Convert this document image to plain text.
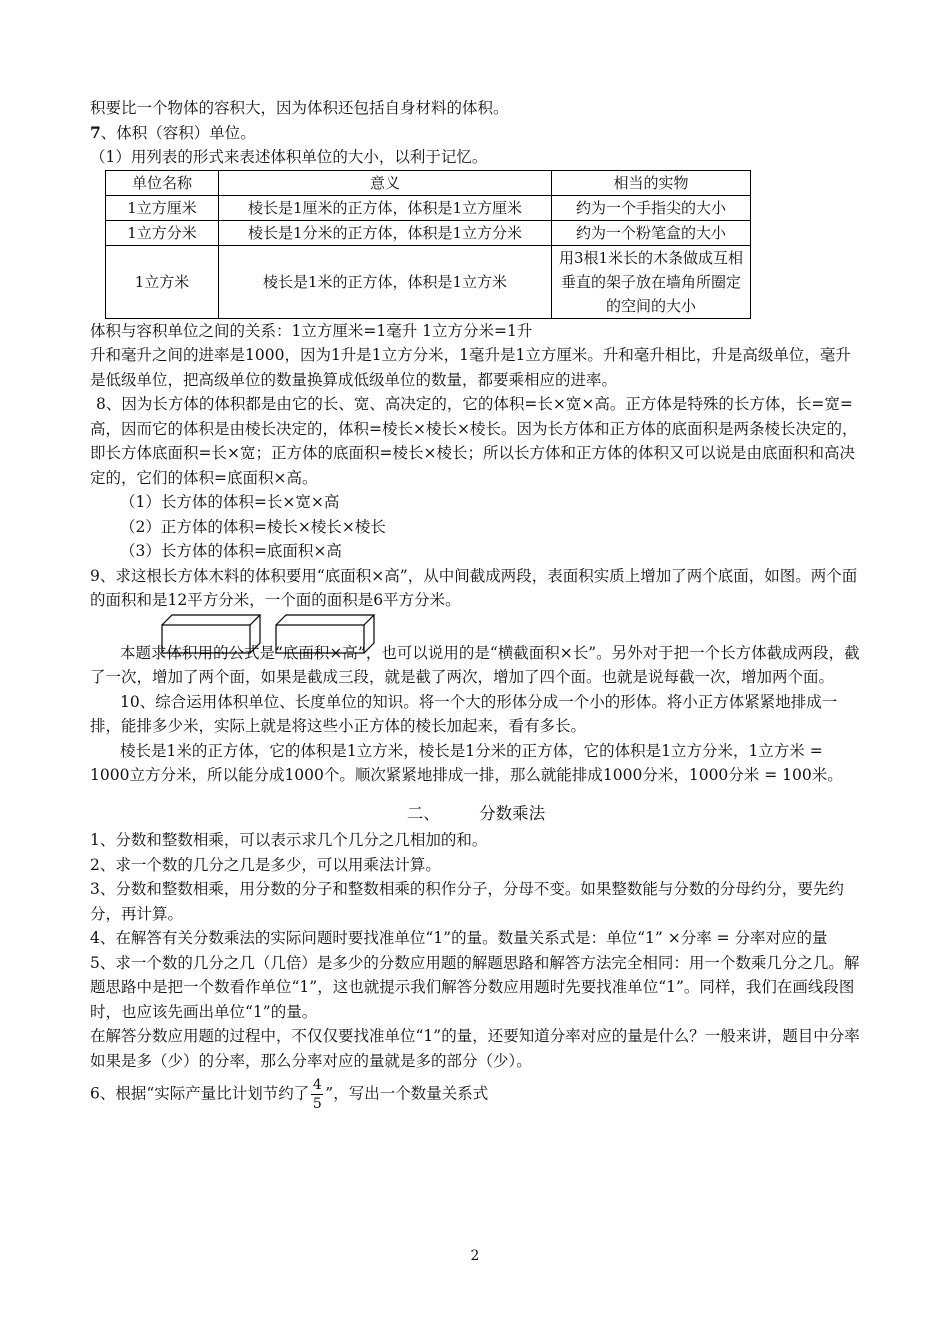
积要比一个物体的容积大，因为体积还包括自身材料的体积。

7、体积（容积）单位。

（1）用列表的形式来表述体积单位的大小，以利于记忆。

单位名称	意义	相当的实物
1立方厘米	棱长是1厘米的正方体，体积是1立方厘米	约为一个手指尖的大小
1立方分米	棱长是1分米的正方体，体积是1立方分米	约为一个粉笔盒的大小
1立方米	棱长是1米的正方体，体积是1立方米	用3根1米长的木条做成互相垂直的架子放在墙角所圈定的空间的大小

体积与容积单位之间的关系：1立方厘米=1毫升 1立方分米=1升

升和毫升之间的进率是1000，因为1升是1立方分米，1毫升是1立方厘米。升和毫升相比，升是高级单位，毫升是低级单位，把高级单位的数量换算成低级单位的数量，都要乘相应的进率。

8、因为长方体的体积都是由它的长、宽、高决定的，它的体积=长×宽×高。正方体是特殊的长方体，长=宽=高，因而它的体积是由棱长决定的，体积=棱长×棱长×棱长。因为长方体和正方体的底面积是两条棱长决定的，即长方体底面积=长×宽；正方体的底面积=棱长×棱长；所以长方体和正方体的体积又可以说是由底面积和高决定的，它们的体积=底面积×高。

（1）长方体的体积=长×宽×高

（2）正方体的体积=棱长×棱长×棱长

（3）长方体的体积=底面积×高

9、求这根长方体木料的体积要用“底面积×高”，从中间截成两段，表面积实质上增加了两个底面，如图。两个面的面积和是12平方分米，一个面的面积是6平方分米。

本题求体积用的公式是“底面积×高”，也可以说用的是“横截面积×长”。另外对于把一个长方体截成两段，截了一次，增加了两个面，如果是截成三段，就是截了两次，增加了四个面。也就是说每截一次，增加两个面。

10、综合运用体积单位、长度单位的知识。将一个大的形体分成一个小的形体。将小正方体紧紧地排成一排，能排多少米，实际上就是将这些小正方体的棱长加起来，看有多长。

棱长是1米的正方体，它的体积是1立方米，棱长是1分米的正方体，它的体积是1立方分米，1立方米 = 1000立方分米，所以能分成1000个。顺次紧紧地排成一排，那么就能排成1000分米，1000分米 = 100米。

二、 分数乘法

1、分数和整数相乘，可以表示求几个几分之几相加的和。

2、求一个数的几分之几是多少，可以用乘法计算。

3、分数和整数相乘，用分数的分子和整数相乘的积作分子，分母不变。如果整数能与分数的分母约分，要先约分，再计算。

4、在解答有关分数乘法的实际问题时要找准单位“1”的量。数量关系式是：单位“1” ×分率 = 分率对应的量

5、求一个数的几分之几（几倍）是多少的分数应用题的解题思路和解答方法完全相同：用一个数乘几分之几。解题思路中是把一个数看作单位“1”，这也就提示我们解答分数应用题时先要找准单位“1”。同样，我们在画线段图时，也应该先画出单位“1”的量。

在解答分数应用题的过程中，不仅仅要找准单位“1”的量，还要知道分率对应的量是什么？一般来讲，题目中分率如果是多（少）的分率，那么分率对应的量就是多的部分（少）。

6、根据“实际产量比计划节约了 $\frac{4}{5}$ ”，写出一个数量关系式

2
